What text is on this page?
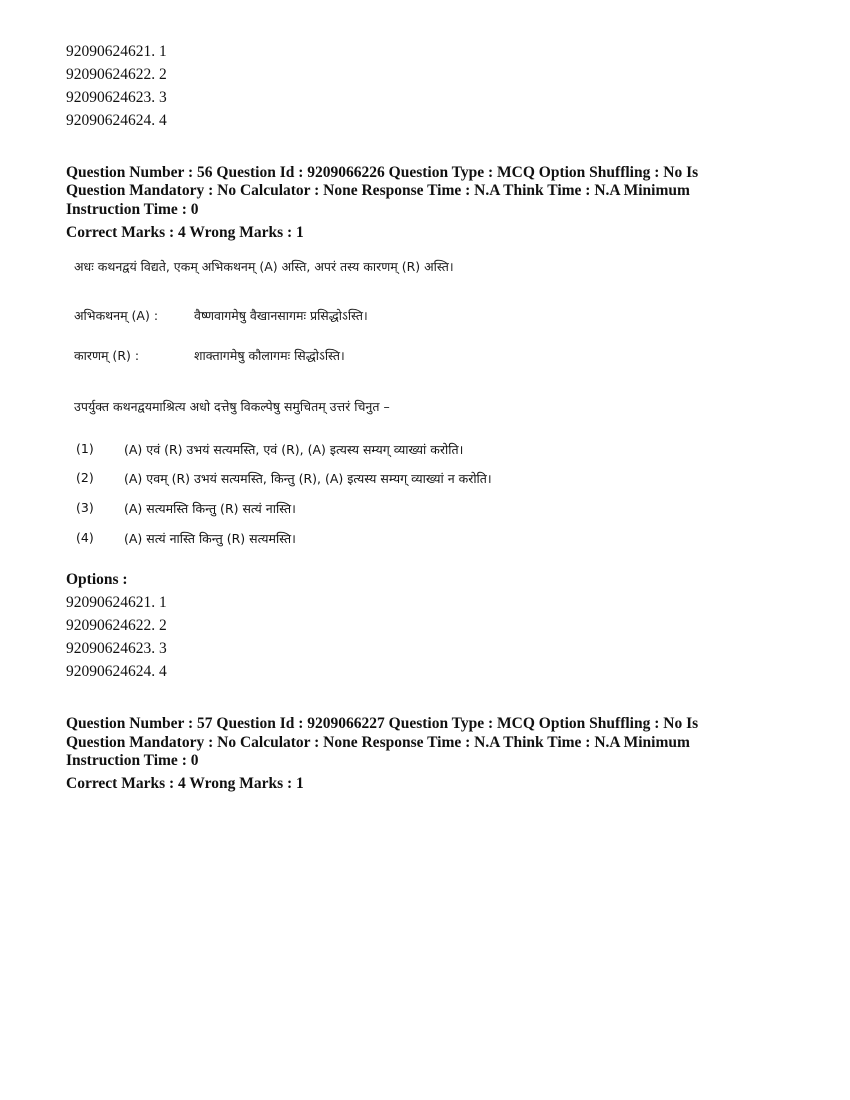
92090624621. 1
92090624622. 2
92090624623. 3
92090624624. 4
Question Number : 56 Question Id : 9209066226 Question Type : MCQ Option Shuffling : No Is
Question Mandatory : No Calculator : None Response Time : N.A Think Time : N.A Minimum
Instruction Time : 0
Correct Marks : 4 Wrong Marks : 1
अधः कथनद्वयं विद्यते, एकम् अभिकथनम् (A) अस्ति, अपरं तस्य कारणम् (R) अस्ति।
अभिकथनम् (A) :	वैष्णवागमेषु वैखानसागमः प्रसिद्धोऽस्ति।
कारणम् (R) :	शाक्तागमेषु कौलागमः सिद्धोऽस्ति।
उपर्युक्त कथनद्वयमाश्रित्य अधो दत्तेषु विकल्पेषु समुचितम् उत्तरं चिनुत –
(1) (A) एवं (R) उभयं सत्यमस्ति, एवं (R), (A) इत्यस्य सम्यग् व्याख्यां करोति।
(2) (A) एवम् (R) उभयं सत्यमस्ति, किन्तु (R), (A) इत्यस्य सम्यग् व्याख्यां न करोति।
(3) (A) सत्यमस्ति किन्तु (R) सत्यं नास्ति।
(4) (A) सत्यं नास्ति किन्तु (R) सत्यमस्ति।
Options :
92090624621. 1
92090624622. 2
92090624623. 3
92090624624. 4
Question Number : 57 Question Id : 9209066227 Question Type : MCQ Option Shuffling : No Is
Question Mandatory : No Calculator : None Response Time : N.A Think Time : N.A Minimum
Instruction Time : 0
Correct Marks : 4 Wrong Marks : 1
